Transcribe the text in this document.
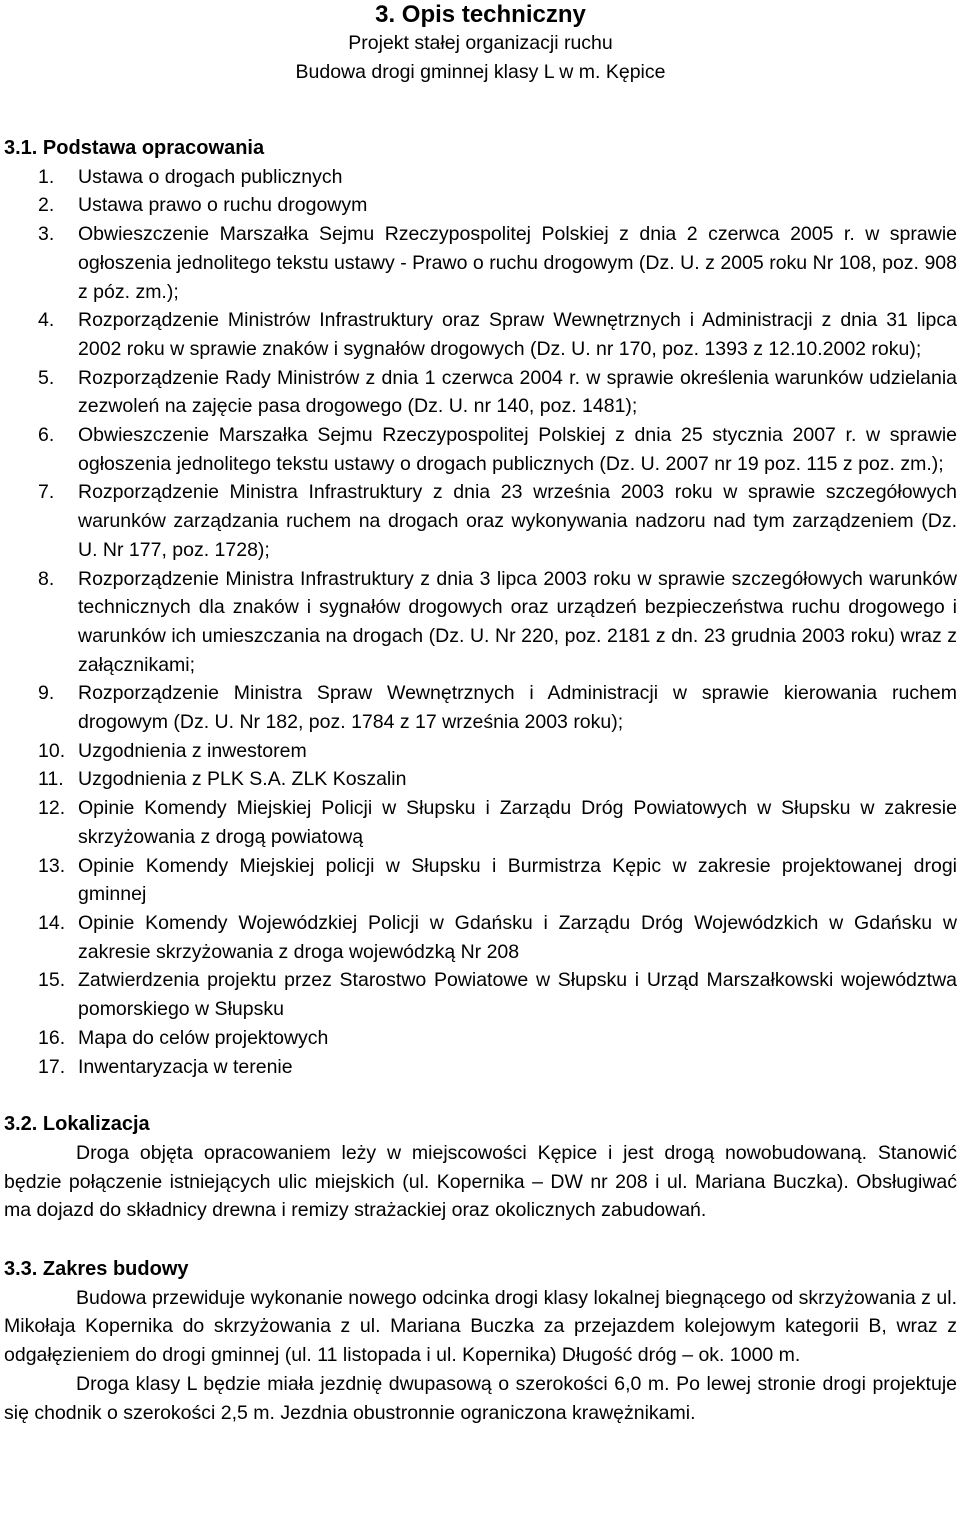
3. Opis techniczny
Projekt stałej organizacji ruchu
Budowa drogi gminnej klasy L w m. Kępice
3.1. Podstawa opracowania
1. Ustawa o drogach publicznych
2. Ustawa prawo o ruchu drogowym
3. Obwieszczenie Marszałka Sejmu Rzeczypospolitej Polskiej z dnia 2 czerwca 2005 r. w sprawie ogłoszenia jednolitego tekstu ustawy - Prawo o ruchu drogowym (Dz. U. z 2005 roku Nr 108, poz. 908 z póz. zm.);
4. Rozporządzenie Ministrów Infrastruktury oraz Spraw Wewnętrznych i Administracji z dnia 31 lipca 2002 roku w sprawie znaków i sygnałów drogowych (Dz. U. nr 170, poz. 1393 z 12.10.2002 roku);
5. Rozporządzenie Rady Ministrów z dnia 1 czerwca 2004 r. w sprawie określenia warunków udzielania zezwoleń na zajęcie pasa drogowego (Dz. U. nr 140, poz. 1481);
6. Obwieszczenie Marszałka Sejmu Rzeczypospolitej Polskiej z dnia 25 stycznia 2007 r. w sprawie ogłoszenia jednolitego tekstu ustawy o drogach publicznych (Dz. U. 2007 nr 19 poz. 115 z poz. zm.);
7. Rozporządzenie Ministra Infrastruktury z dnia 23 września 2003 roku w sprawie szczegółowych warunków zarządzania ruchem na drogach oraz wykonywania nadzoru nad tym zarządzeniem (Dz. U. Nr 177, poz. 1728);
8. Rozporządzenie Ministra Infrastruktury z dnia 3 lipca 2003 roku w sprawie szczegółowych warunków technicznych dla znaków i sygnałów drogowych oraz urządzeń bezpieczeństwa ruchu drogowego i warunków ich umieszczania na drogach (Dz. U. Nr 220, poz. 2181 z dn. 23 grudnia 2003 roku) wraz z załącznikami;
9. Rozporządzenie Ministra Spraw Wewnętrznych i Administracji w sprawie kierowania ruchem drogowym (Dz. U. Nr 182, poz. 1784 z 17 września 2003 roku);
10. Uzgodnienia z inwestorem
11. Uzgodnienia z PLK S.A. ZLK Koszalin
12. Opinie Komendy Miejskiej Policji w Słupsku i Zarządu Dróg Powiatowych w Słupsku w zakresie skrzyżowania z drogą powiatową
13. Opinie Komendy Miejskiej policji w Słupsku i Burmistrza Kępic w zakresie projektowanej drogi gminnej
14. Opinie Komendy Wojewódzkiej Policji w Gdańsku i Zarządu Dróg Wojewódzkich w Gdańsku w zakresie skrzyżowania z droga wojewódzką Nr 208
15. Zatwierdzenia projektu przez Starostwo Powiatowe w Słupsku i Urząd Marszałkowski województwa pomorskiego w Słupsku
16. Mapa do celów projektowych
17. Inwentaryzacja w terenie
3.2. Lokalizacja

Droga objęta opracowaniem leży w miejscowości Kępice i jest drogą nowobudowaną. Stanowić będzie połączenie istniejących ulic miejskich (ul. Kopernika – DW nr 208 i ul. Mariana Buczka). Obsługiwać ma dojazd do składnicy drewna i remizy strażackiej oraz okolicznych zabudowań.

3.3. Zakres budowy

Budowa przewiduje wykonanie nowego odcinka drogi klasy lokalnej biegnącego od skrzyżowania z ul. Mikołaja Kopernika do skrzyżowania z ul. Mariana Buczka za przejazdem kolejowym kategorii B, wraz z odgałęzieniem do drogi gminnej (ul. 11 listopada i ul. Kopernika) Długość dróg – ok. 1000 m.

Droga klasy L będzie miała jezdnię dwupasową o szerokości 6,0 m. Po lewej stronie drogi projektuje się chodnik o szerokości 2,5 m. Jezdnia obustronnie ograniczona krawężnikami.
